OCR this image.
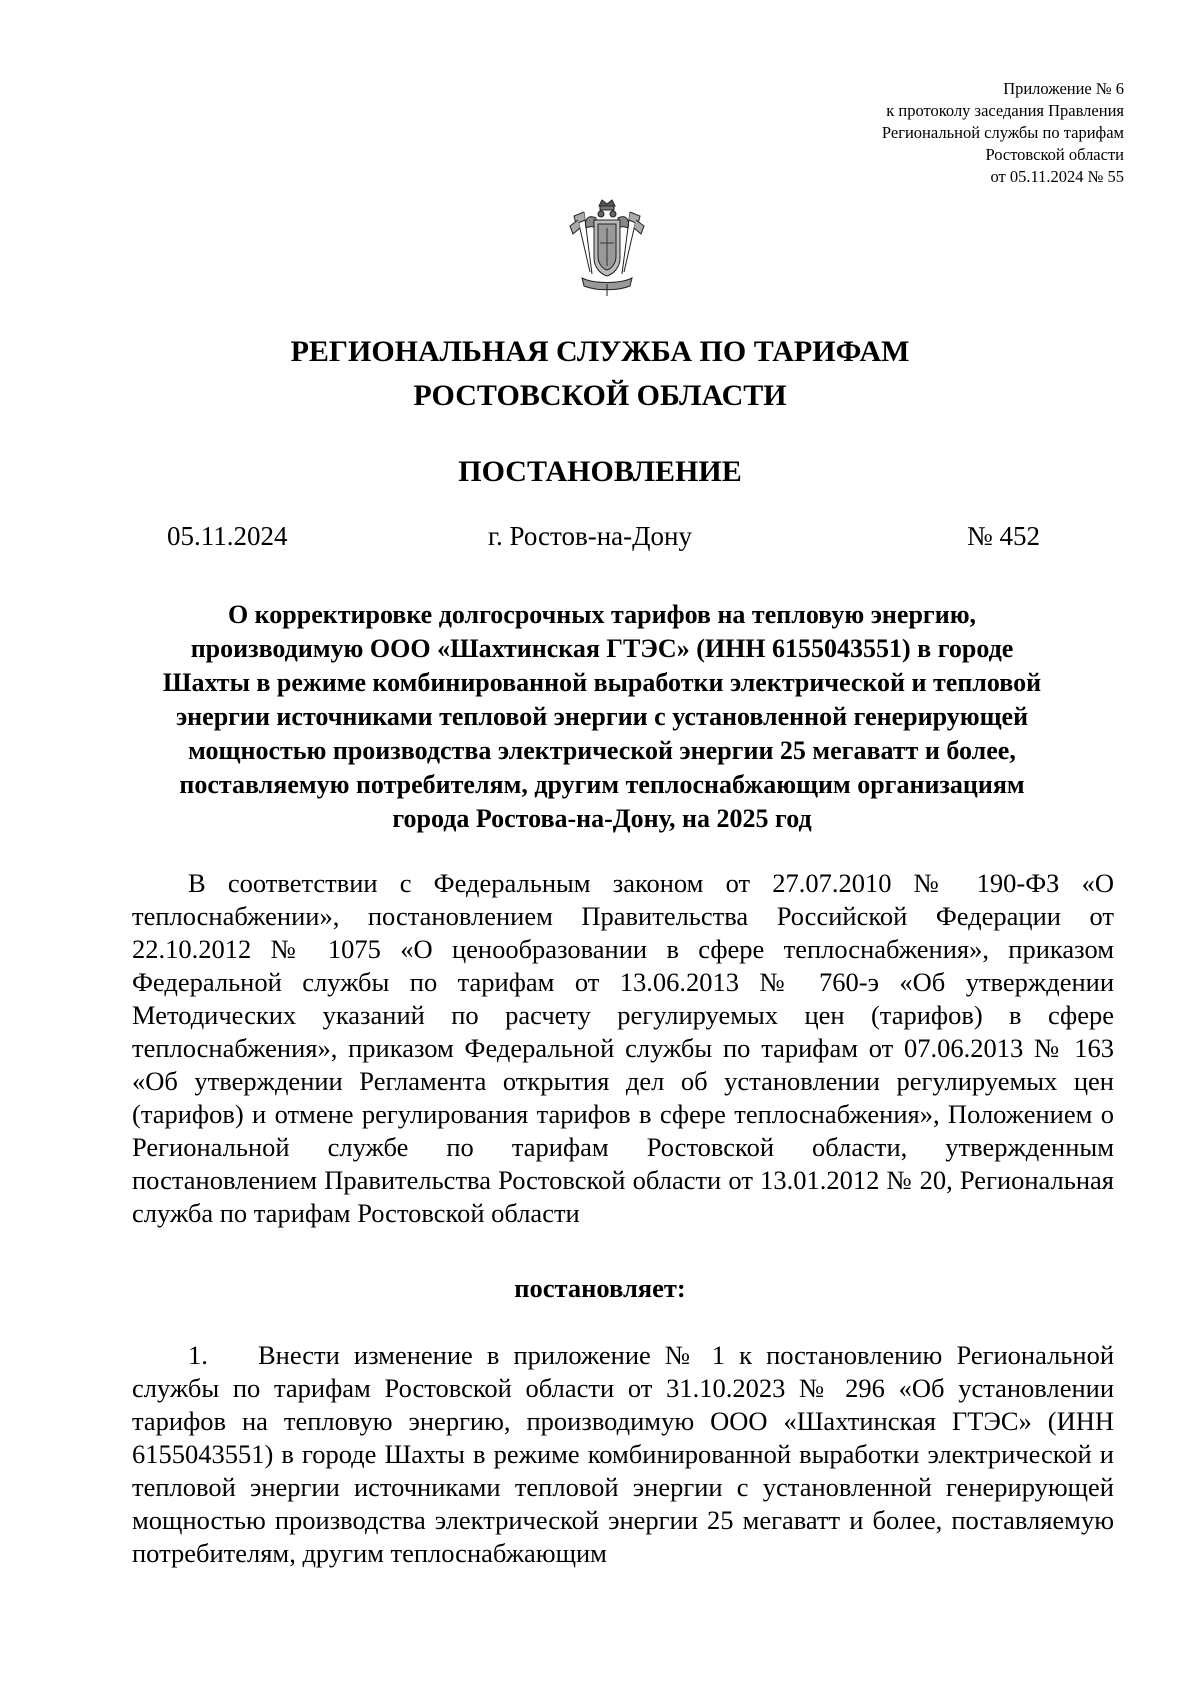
Приложение № 6
к протоколу заседания Правления
Региональной службы по тарифам
Ростовской области
от 05.11.2024 № 55
РЕГИОНАЛЬНАЯ СЛУЖБА ПО ТАРИФАМ
РОСТОВСКОЙ ОБЛАСТИ
ПОСТАНОВЛЕНИЕ
05.11.2024	г. Ростов-на-Дону	№ 452
О корректировке долгосрочных тарифов на тепловую энергию,
производимую ООО «Шахтинская ГТЭС» (ИНН 6155043551) в городе
Шахты в режиме комбинированной выработки электрической и тепловой
энергии источниками тепловой энергии с установленной генерирующей
мощностью производства электрической энергии 25 мегаватт и более,
поставляемую потребителям, другим теплоснабжающим организациям
города Ростова-на-Дону, на 2025 год
В соответствии с Федеральным законом от 27.07.2010 № 190-ФЗ «О теплоснабжении», постановлением Правительства Российской Федерации от 22.10.2012 № 1075 «О ценообразовании в сфере теплоснабжения», приказом Федеральной службы по тарифам от 13.06.2013 № 760-э «Об утверждении Методических указаний по расчету регулируемых цен (тарифов) в сфере теплоснабжения», приказом Федеральной службы по тарифам от 07.06.2013 № 163 «Об утверждении Регламента открытия дел об установлении регулируемых цен (тарифов) и отмене регулирования тарифов в сфере теплоснабжения», Положением о Региональной службе по тарифам Ростовской области, утвержденным постановлением Правительства Ростовской области от 13.01.2012 № 20, Региональная служба по тарифам Ростовской области
постановляет:
1. Внести изменение в приложение № 1 к постановлению Региональной службы по тарифам Ростовской области от 31.10.2023 № 296 «Об установлении тарифов на тепловую энергию, производимую ООО «Шахтинская ГТЭС» (ИНН 6155043551) в городе Шахты в режиме комбинированной выработки электрической и тепловой энергии источниками тепловой энергии с установленной генерирующей мощностью производства электрической энергии 25 мегаватт и более, поставляемую потребителям, другим теплоснабжающим
